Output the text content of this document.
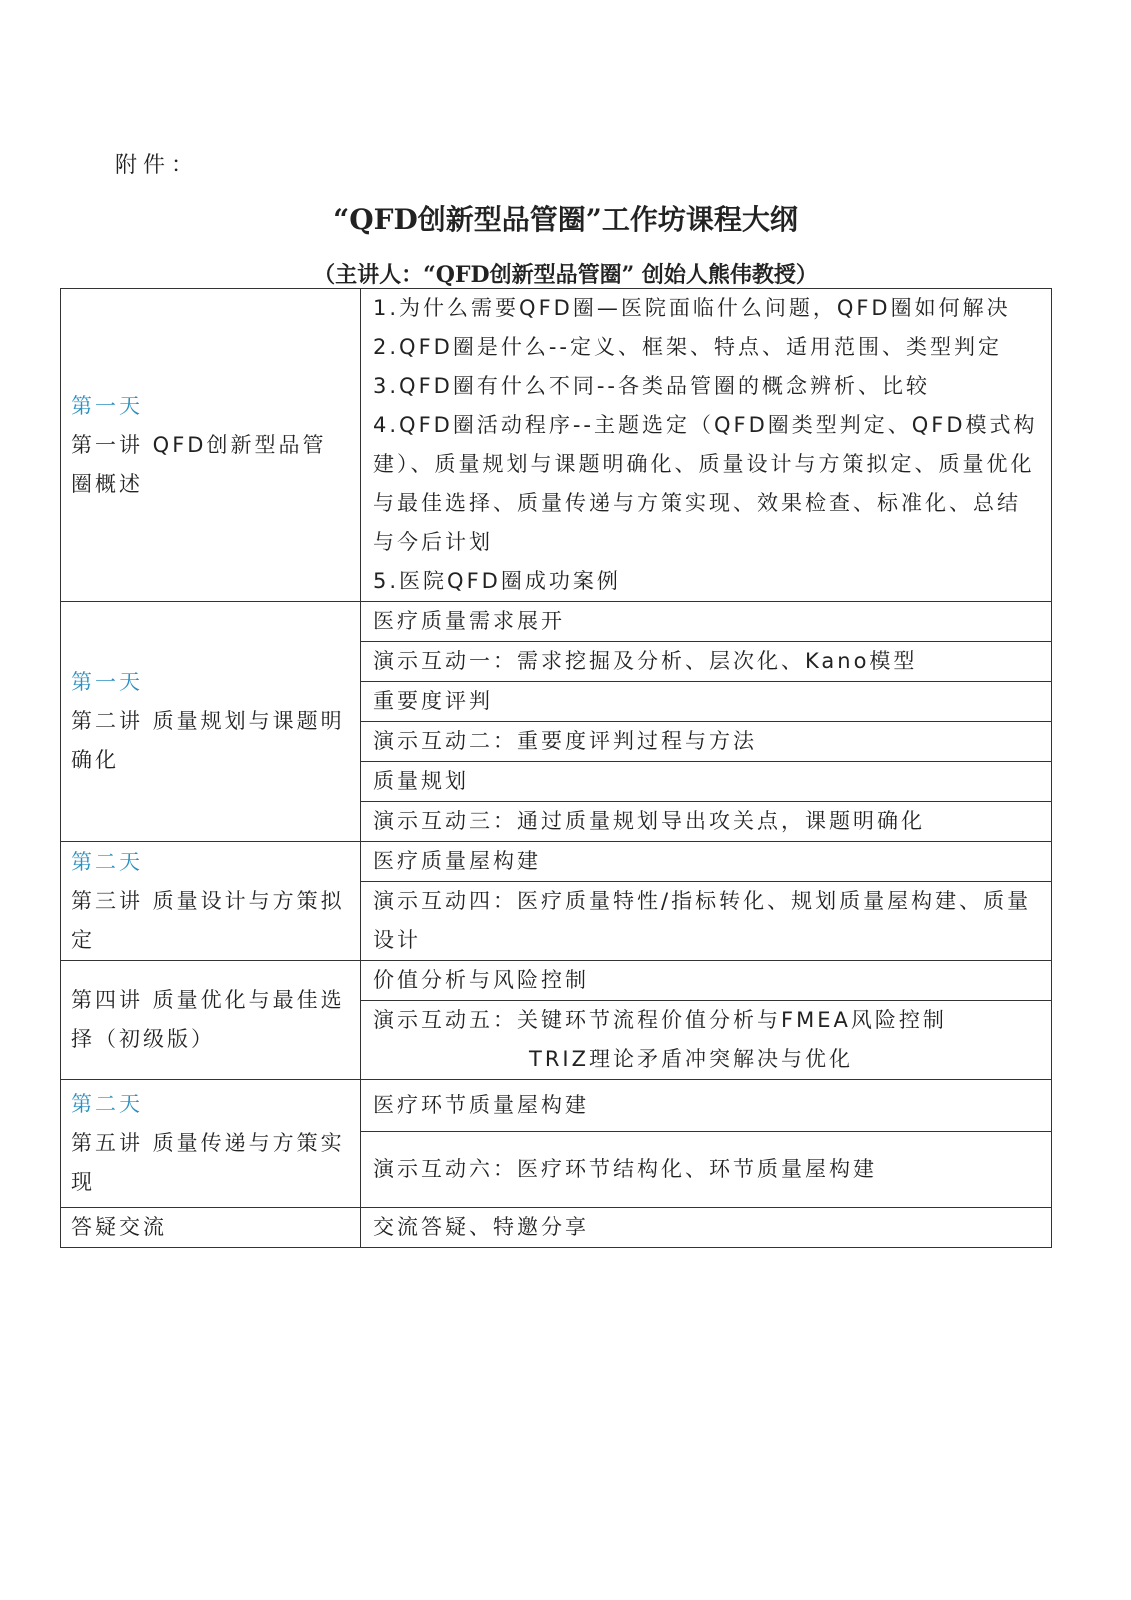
附件：
“QFD创新型品管圈”工作坊课程大纲
（主讲人：“QFD创新型品管圈” 创始人熊伟教授）
第一天
第一讲 QFD创新型品管圈概述	1.为什么需要QFD圈—医院面临什么问题，QFD圈如何解决
2.QFD圈是什么--定义、框架、特点、适用范围、类型判定
3.QFD圈有什么不同--各类品管圈的概念辨析、比较
4.QFD圈活动程序--主题选定（QFD圈类型判定、QFD模式构建）、质量规划与课题明确化、质量设计与方策拟定、质量优化与最佳选择、质量传递与方策实现、效果检查、标准化、总结与今后计划
5.医院QFD圈成功案例

第一天
第二讲 质量规划与课题明确化	医疗质量需求展开
	演示互动一：需求挖掘及分析、层次化、Kano模型
	重要度评判
	演示互动二：重要度评判过程与方法
	质量规划
	演示互动三：通过质量规划导出攻关点，课题明确化

第二天
第三讲 质量设计与方策拟定	医疗质量屋构建
	演示互动四：医疗质量特性/指标转化、规划质量屋构建、质量设计

第四讲 质量优化与最佳选择（初级版）	价值分析与风险控制

	演示互动五：关键环节流程价值分析与FMEA风险控制
TRIZ理论矛盾冲突解决与优化

第二天
第五讲 质量传递与方策实现	医疗环节质量屋构建
	演示互动六：医疗环节结构化、环节质量屋构建

答疑交流	交流答疑、特邀分享
